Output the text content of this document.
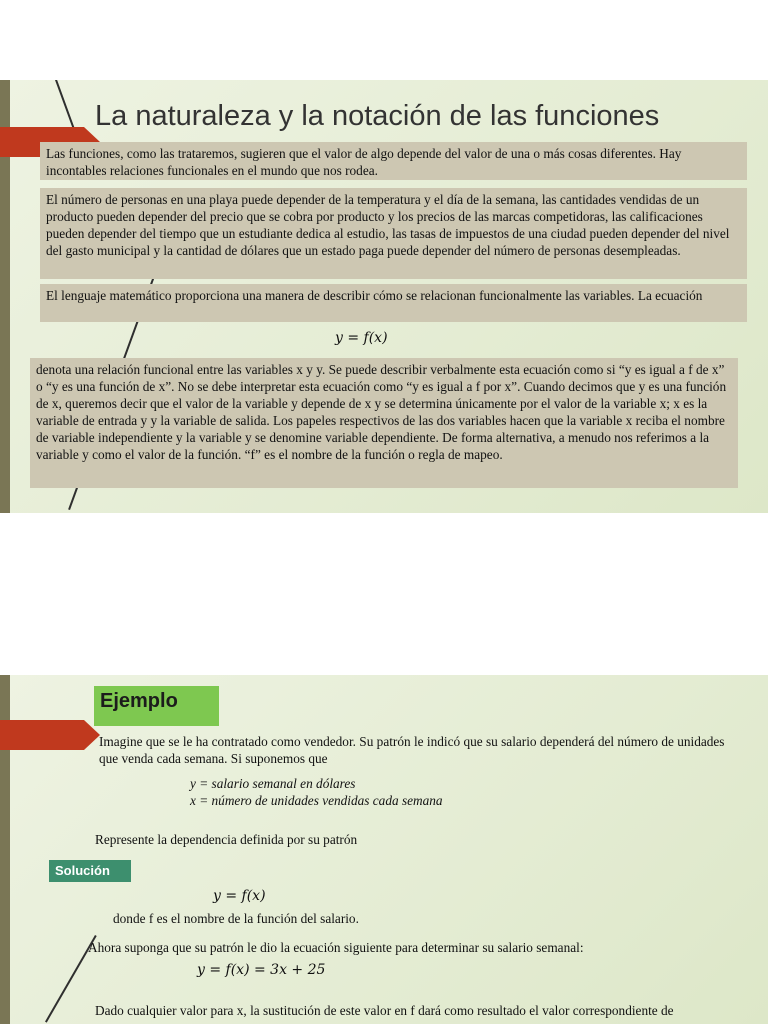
La naturaleza y la notación de las funciones
Las funciones, como las trataremos, sugieren que el valor de algo depende del valor de una o más cosas diferentes. Hay incontables relaciones funcionales en el mundo que nos rodea.
El número de personas en una playa puede depender de la temperatura y el día de la semana, las cantidades vendidas de un producto pueden depender del precio que se cobra por producto y los precios de las marcas competidoras, las calificaciones pueden depender del tiempo que un estudiante dedica al estudio, las tasas de impuestos de una ciudad pueden depender del nivel del gasto municipal y la cantidad de dólares que un estado paga puede depender del número de personas desempleadas.
El lenguaje matemático proporciona una manera de describir cómo se relacionan funcionalmente las variables. La ecuación
y = f(x)
denota una relación funcional entre las variables x y y. Se puede describir verbalmente esta ecuación como si “y es igual a f de x” o “y es una función de x”. No se debe interpretar esta ecuación como “y es igual a f por x”. Cuando decimos que y es una función de x, queremos decir que el valor de la variable y depende de x y se determina únicamente por el valor de la variable x; x es la variable de entrada y y la variable de salida. Los papeles respectivos de las dos variables hacen que la variable x reciba el nombre de variable independiente y la variable y se denomine variable dependiente. De forma alternativa, a menudo nos referimos a la variable y como el valor de la función. “f” es el nombre de la función o regla de mapeo.
Ejemplo
Imagine que se le ha contratado como vendedor. Su patrón le indicó que su salario dependerá del número de unidades que venda cada semana. Si suponemos que
y = salario semanal en dólares
x = número de unidades vendidas cada semana
Represente la dependencia definida por su patrón
Solución
y = f(x)
donde f es el nombre de la función del salario.
Ahora suponga que su patrón le dio la ecuación siguiente para determinar su salario semanal:
y = f(x) = 3x + 25
Dado cualquier valor para x, la sustitución de este valor en f dará como resultado el valor correspondiente de
